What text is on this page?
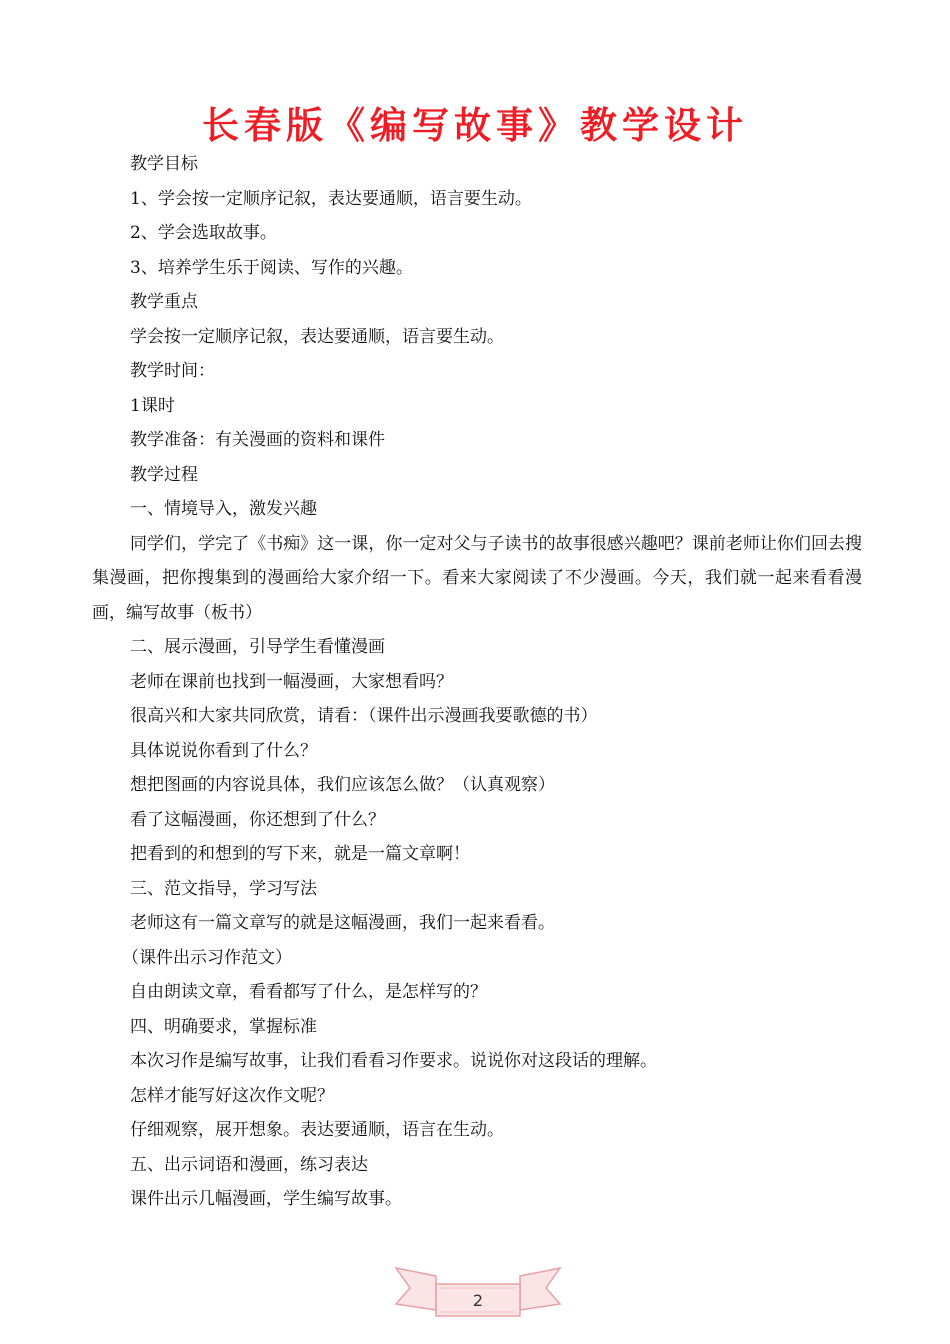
长春版《编写故事》教学设计

教学目标

1、学会按一定顺序记叙，表达要通顺，语言要生动。

2、学会选取故事。

3、培养学生乐于阅读、写作的兴趣。

教学重点

学会按一定顺序记叙，表达要通顺，语言要生动。

教学时间：

1课时

教学准备：有关漫画的资料和课件

教学过程

一、情境导入，激发兴趣

同学们，学完了《书痴》这一课，你一定对父与子读书的故事很感兴趣吧？课前老师让你们回去搜集漫画，把你搜集到的漫画给大家介绍一下。看来大家阅读了不少漫画。今天，我们就一起来看看漫画，编写故事（板书）

二、展示漫画，引导学生看懂漫画

老师在课前也找到一幅漫画，大家想看吗？

很高兴和大家共同欣赏，请看：（课件出示漫画我要歌德的书）

具体说说你看到了什么？

想把图画的内容说具体，我们应该怎么做？（认真观察）

看了这幅漫画，你还想到了什么？

把看到的和想到的写下来，就是一篇文章啊！

三、范文指导，学习写法

老师这有一篇文章写的就是这幅漫画，我们一起来看看。

（课件出示习作范文）

自由朗读文章，看看都写了什么，是怎样写的？

四、明确要求，掌握标准

本次习作是编写故事，让我们看看习作要求。说说你对这段话的理解。

怎样才能写好这次作文呢？

仔细观察，展开想象。表达要通顺，语言在生动。

五、出示词语和漫画，练习表达

课件出示几幅漫画，学生编写故事。

2
